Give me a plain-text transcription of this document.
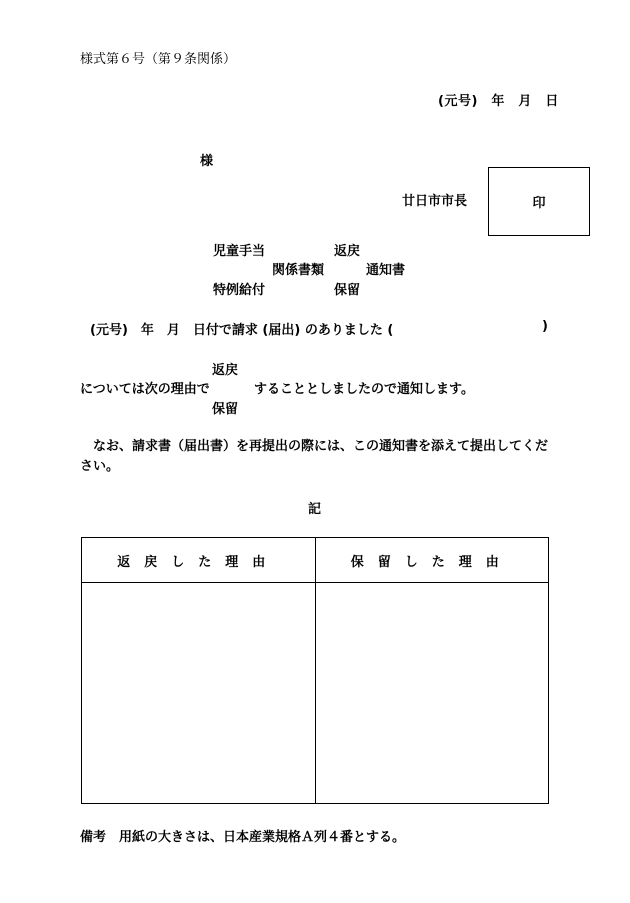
様式第６号（第９条関係）
(元号)　年　月　日
様
廿日市市長	印
児童手当
特例給付
関係書類
返戻
保留
通知書
(元号)　年　月　日付で請求 (届出) のありました (	)
返戻
については次の理由で	することとしましたので通知します。
保留
なお、請求書（届出書）を再提出の際には、この通知書を添えて提出してください。
記
返戻した理由	保留した理由

備考　用紙の大きさは、日本産業規格Ａ列４番とする。
